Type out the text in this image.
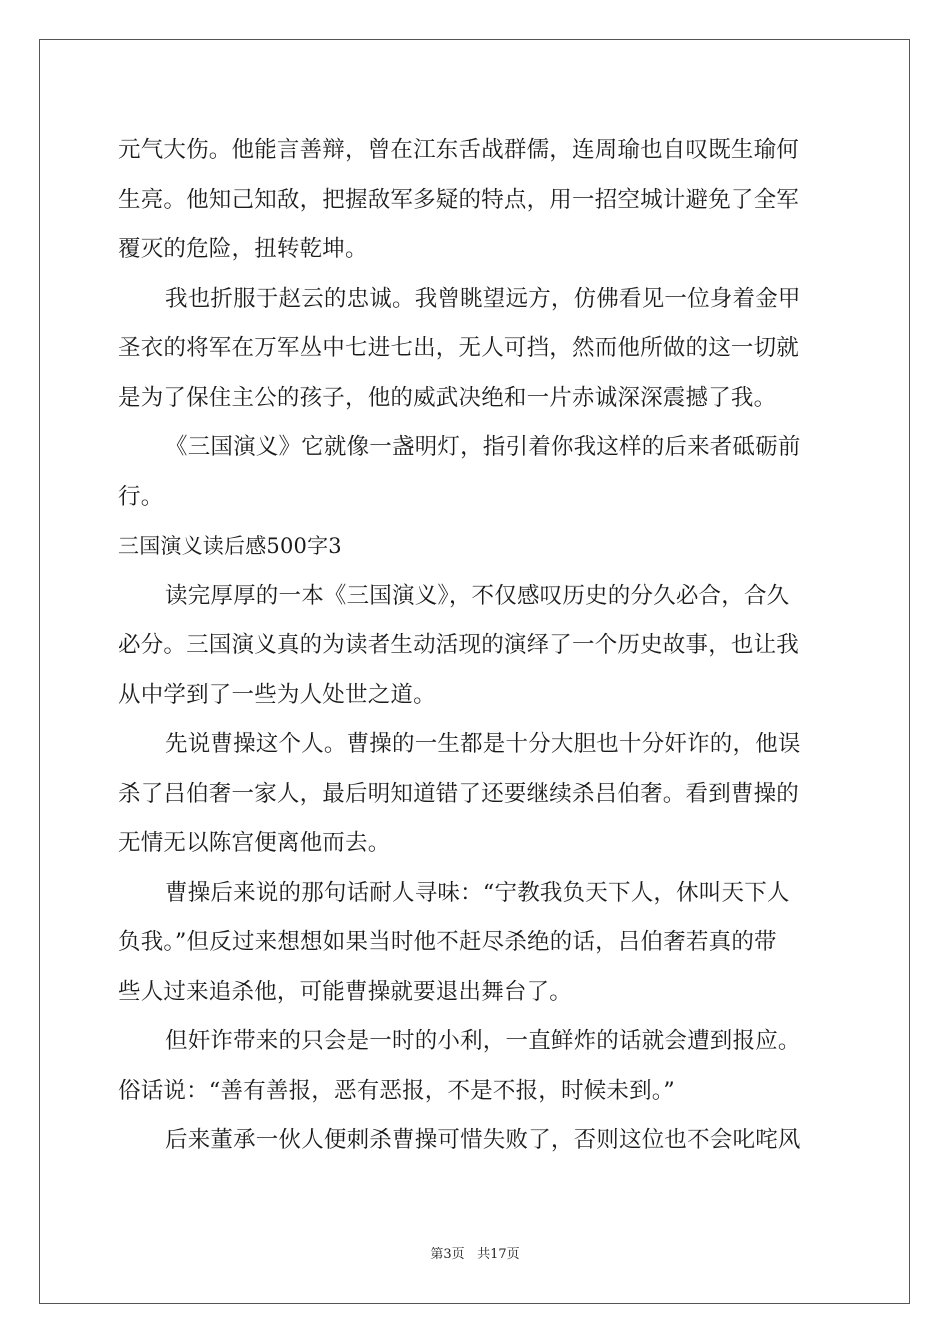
元气大伤。他能言善辩，曾在江东舌战群儒，连周瑜也自叹既生瑜何
生亮。他知己知敌，把握敌军多疑的特点，用一招空城计避免了全军
覆灭的危险，扭转乾坤。
我也折服于赵云的忠诚。我曾眺望远方，仿佛看见一位身着金甲
圣衣的将军在万军丛中七进七出，无人可挡，然而他所做的这一切就
是为了保住主公的孩子，他的威武决绝和一片赤诚深深震撼了我。
《三国演义》它就像一盏明灯，指引着你我这样的后来者砥砺前
行。
三国演义读后感500字3
读完厚厚的一本《三国演义》，不仅感叹历史的分久必合，合久
必分。三国演义真的为读者生动活现的演绎了一个历史故事，也让我
从中学到了一些为人处世之道。
先说曹操这个人。曹操的一生都是十分大胆也十分奸诈的，他误
杀了吕伯奢一家人，最后明知道错了还要继续杀吕伯奢。看到曹操的
无情无以陈宫便离他而去。
曹操后来说的那句话耐人寻味：“宁教我负天下人，休叫天下人
负我。”但反过来想想如果当时他不赶尽杀绝的话，吕伯奢若真的带
些人过来追杀他，可能曹操就要退出舞台了。
但奸诈带来的只会是一时的小利，一直鲜炸的话就会遭到报应。
俗话说：“善有善报，恶有恶报，不是不报，时候未到。”
后来董承一伙人便刺杀曹操可惜失败了，否则这位也不会叱咤风
第3页 共17页
